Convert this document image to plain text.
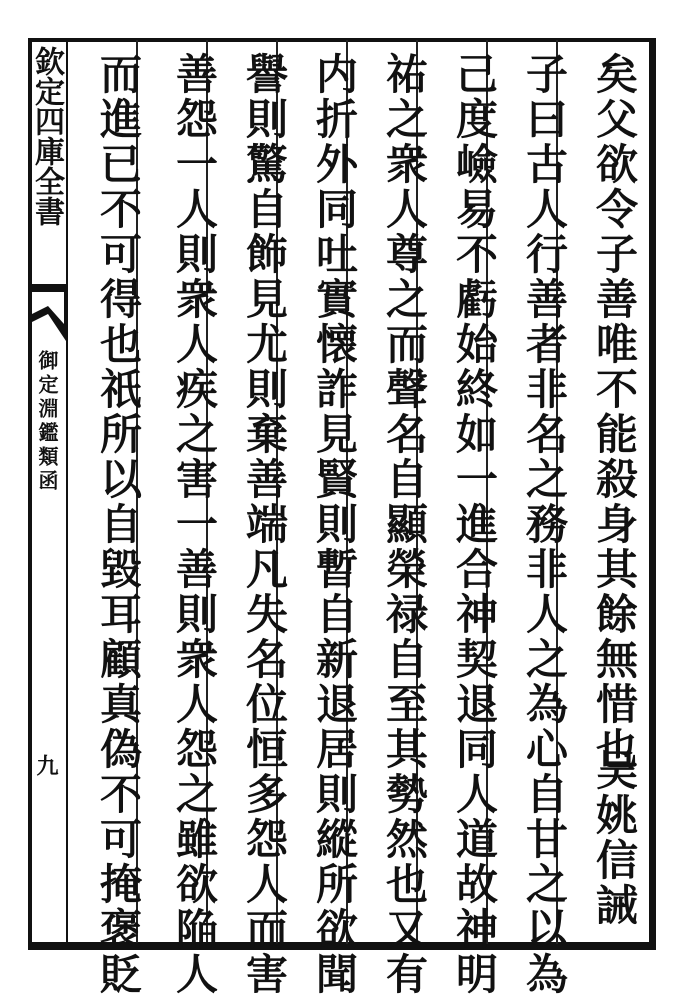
欽定四庫全書
御定淵鑑類函
九	矣父欲令子善唯不能殺身其餘無惜也
吴姚信誡
子曰古人行善者非名之務非人之為心自甘之以為
己度嶮易不虧始終如一進合神契退同人道故神明
祐之衆人尊之而聲名自顯榮禄自至其勢然也又有
内折外同吐實懐詐見賢則暫自新退居則縱所欲聞
譽則驚自飾見尤則棄善端凡失名位恒多怨人而害
善怨一人則衆人疾之害一善則衆人怨之雖欲陥人
而進已不可得也祇所以自毀耳顧真偽不可掩褒貶
